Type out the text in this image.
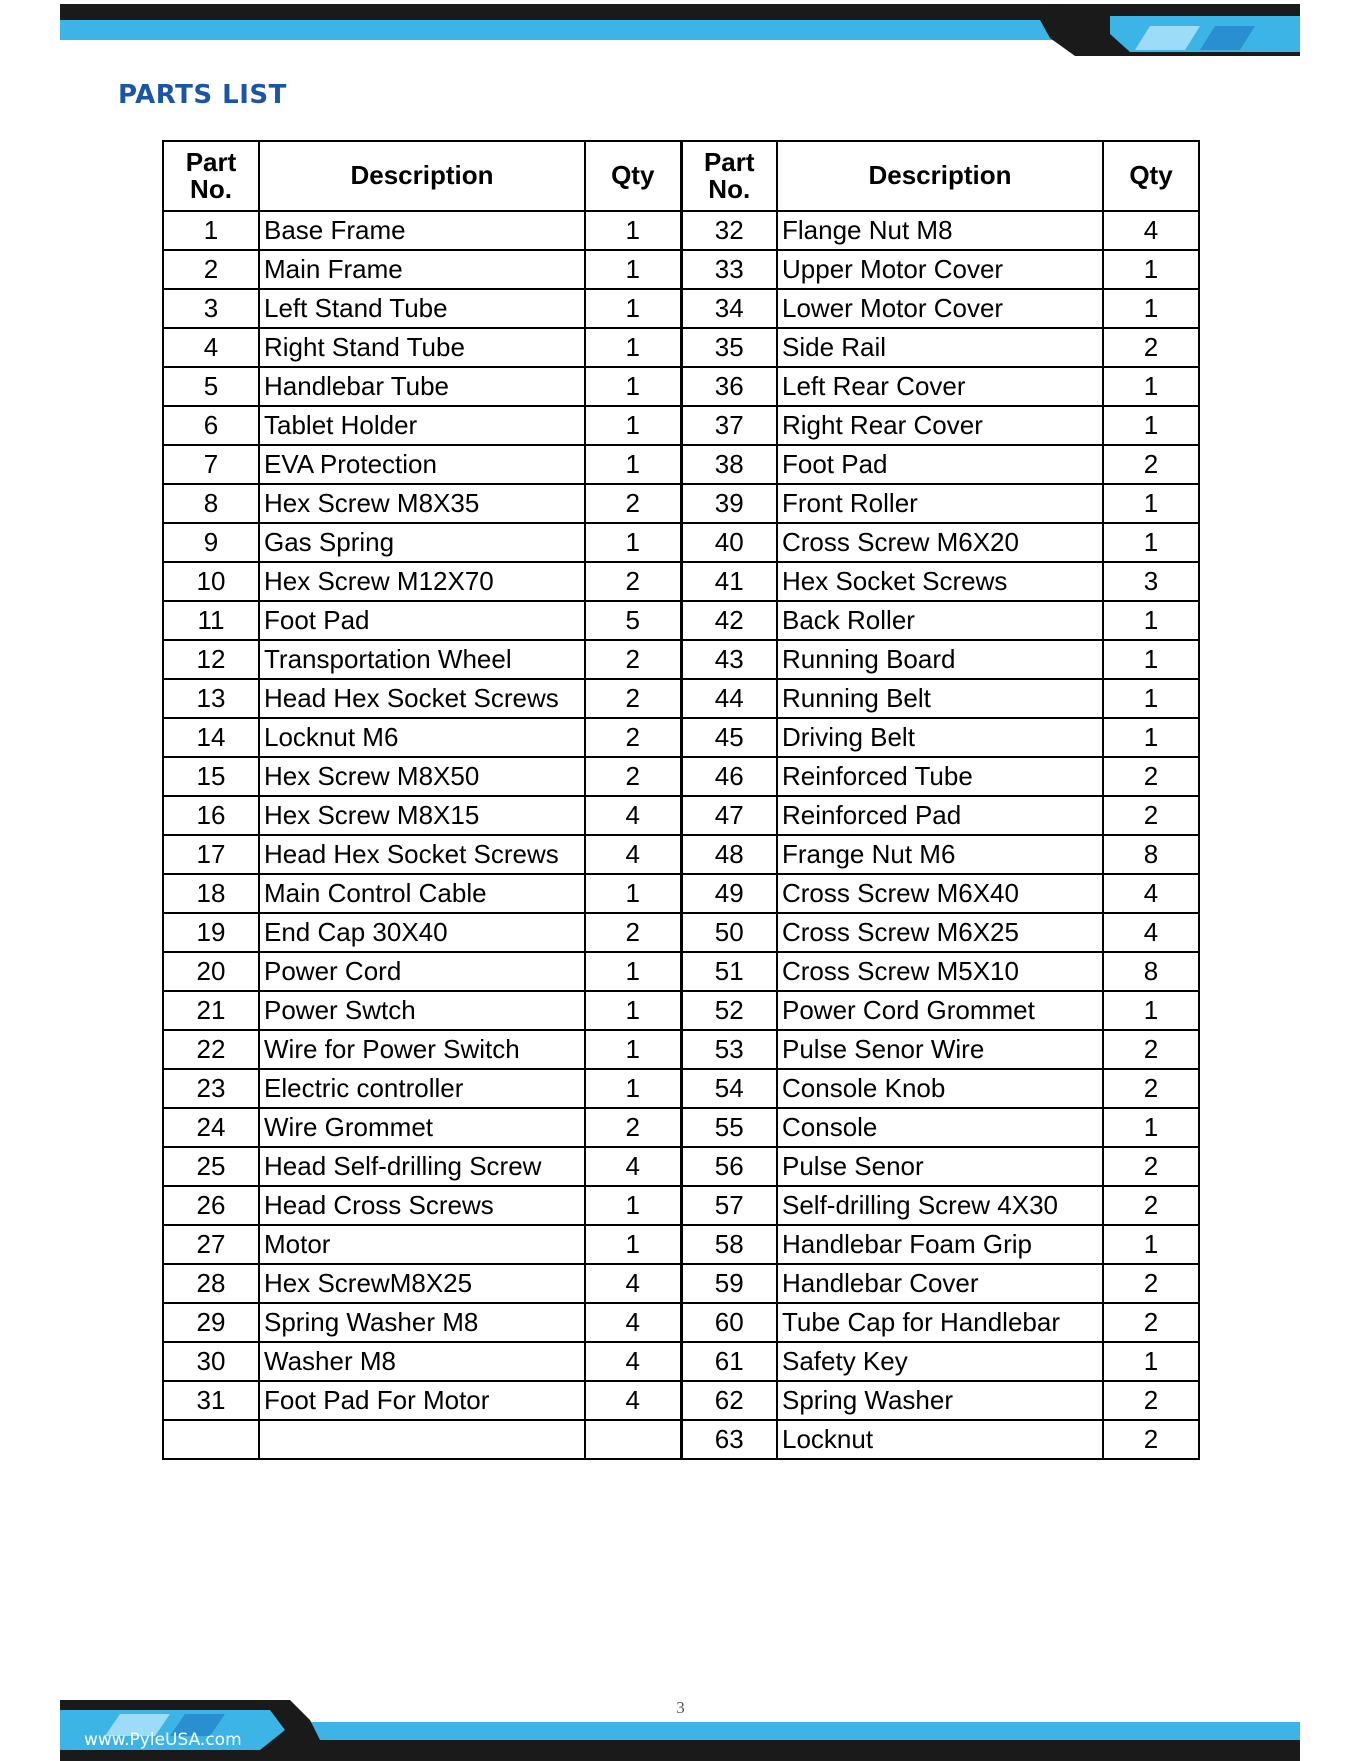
PARTS LIST
Part No.	Description	Qty	Part No.	Description	Qty
1	Base Frame	1	32	Flange Nut M8	4
2	Main Frame	1	33	Upper Motor Cover	1
3	Left Stand Tube	1	34	Lower Motor Cover	1
4	Right Stand Tube	1	35	Side Rail	2
5	Handlebar Tube	1	36	Left Rear Cover	1
6	Tablet Holder	1	37	Right Rear Cover	1
7	EVA Protection	1	38	Foot Pad	2
8	Hex Screw M8X35	2	39	Front Roller	1
9	Gas Spring	1	40	Cross Screw M6X20	1
10	Hex Screw M12X70	2	41	Hex Socket Screws	3
11	Foot Pad	5	42	Back Roller	1
12	Transportation Wheel	2	43	Running Board	1
13	Head Hex Socket Screws	2	44	Running Belt	1
14	Locknut M6	2	45	Driving Belt	1
15	Hex Screw M8X50	2	46	Reinforced Tube	2
16	Hex Screw M8X15	4	47	Reinforced Pad	2
17	Head Hex Socket Screws	4	48	Frange Nut M6	8
18	Main Control Cable	1	49	Cross Screw M6X40	4
19	End Cap 30X40	2	50	Cross Screw M6X25	4
20	Power Cord	1	51	Cross Screw M5X10	8
21	Power Swtch	1	52	Power Cord Grommet	1
22	Wire for Power Switch	1	53	Pulse Senor Wire	2
23	Electric controller	1	54	Console Knob	2
24	Wire Grommet	2	55	Console	1
25	Head Self-drilling Screw	4	56	Pulse Senor	2
26	Head Cross Screws	1	57	Self-drilling Screw 4X30	2
27	Motor	1	58	Handlebar Foam Grip	1
28	Hex ScrewM8X25	4	59	Handlebar Cover	2
29	Spring Washer M8	4	60	Tube Cap for Handlebar	2
30	Washer M8	4	61	Safety Key	1
31	Foot Pad For Motor	4	62	Spring Washer	2
			63	Locknut	2
3
www.PyleUSA.com
